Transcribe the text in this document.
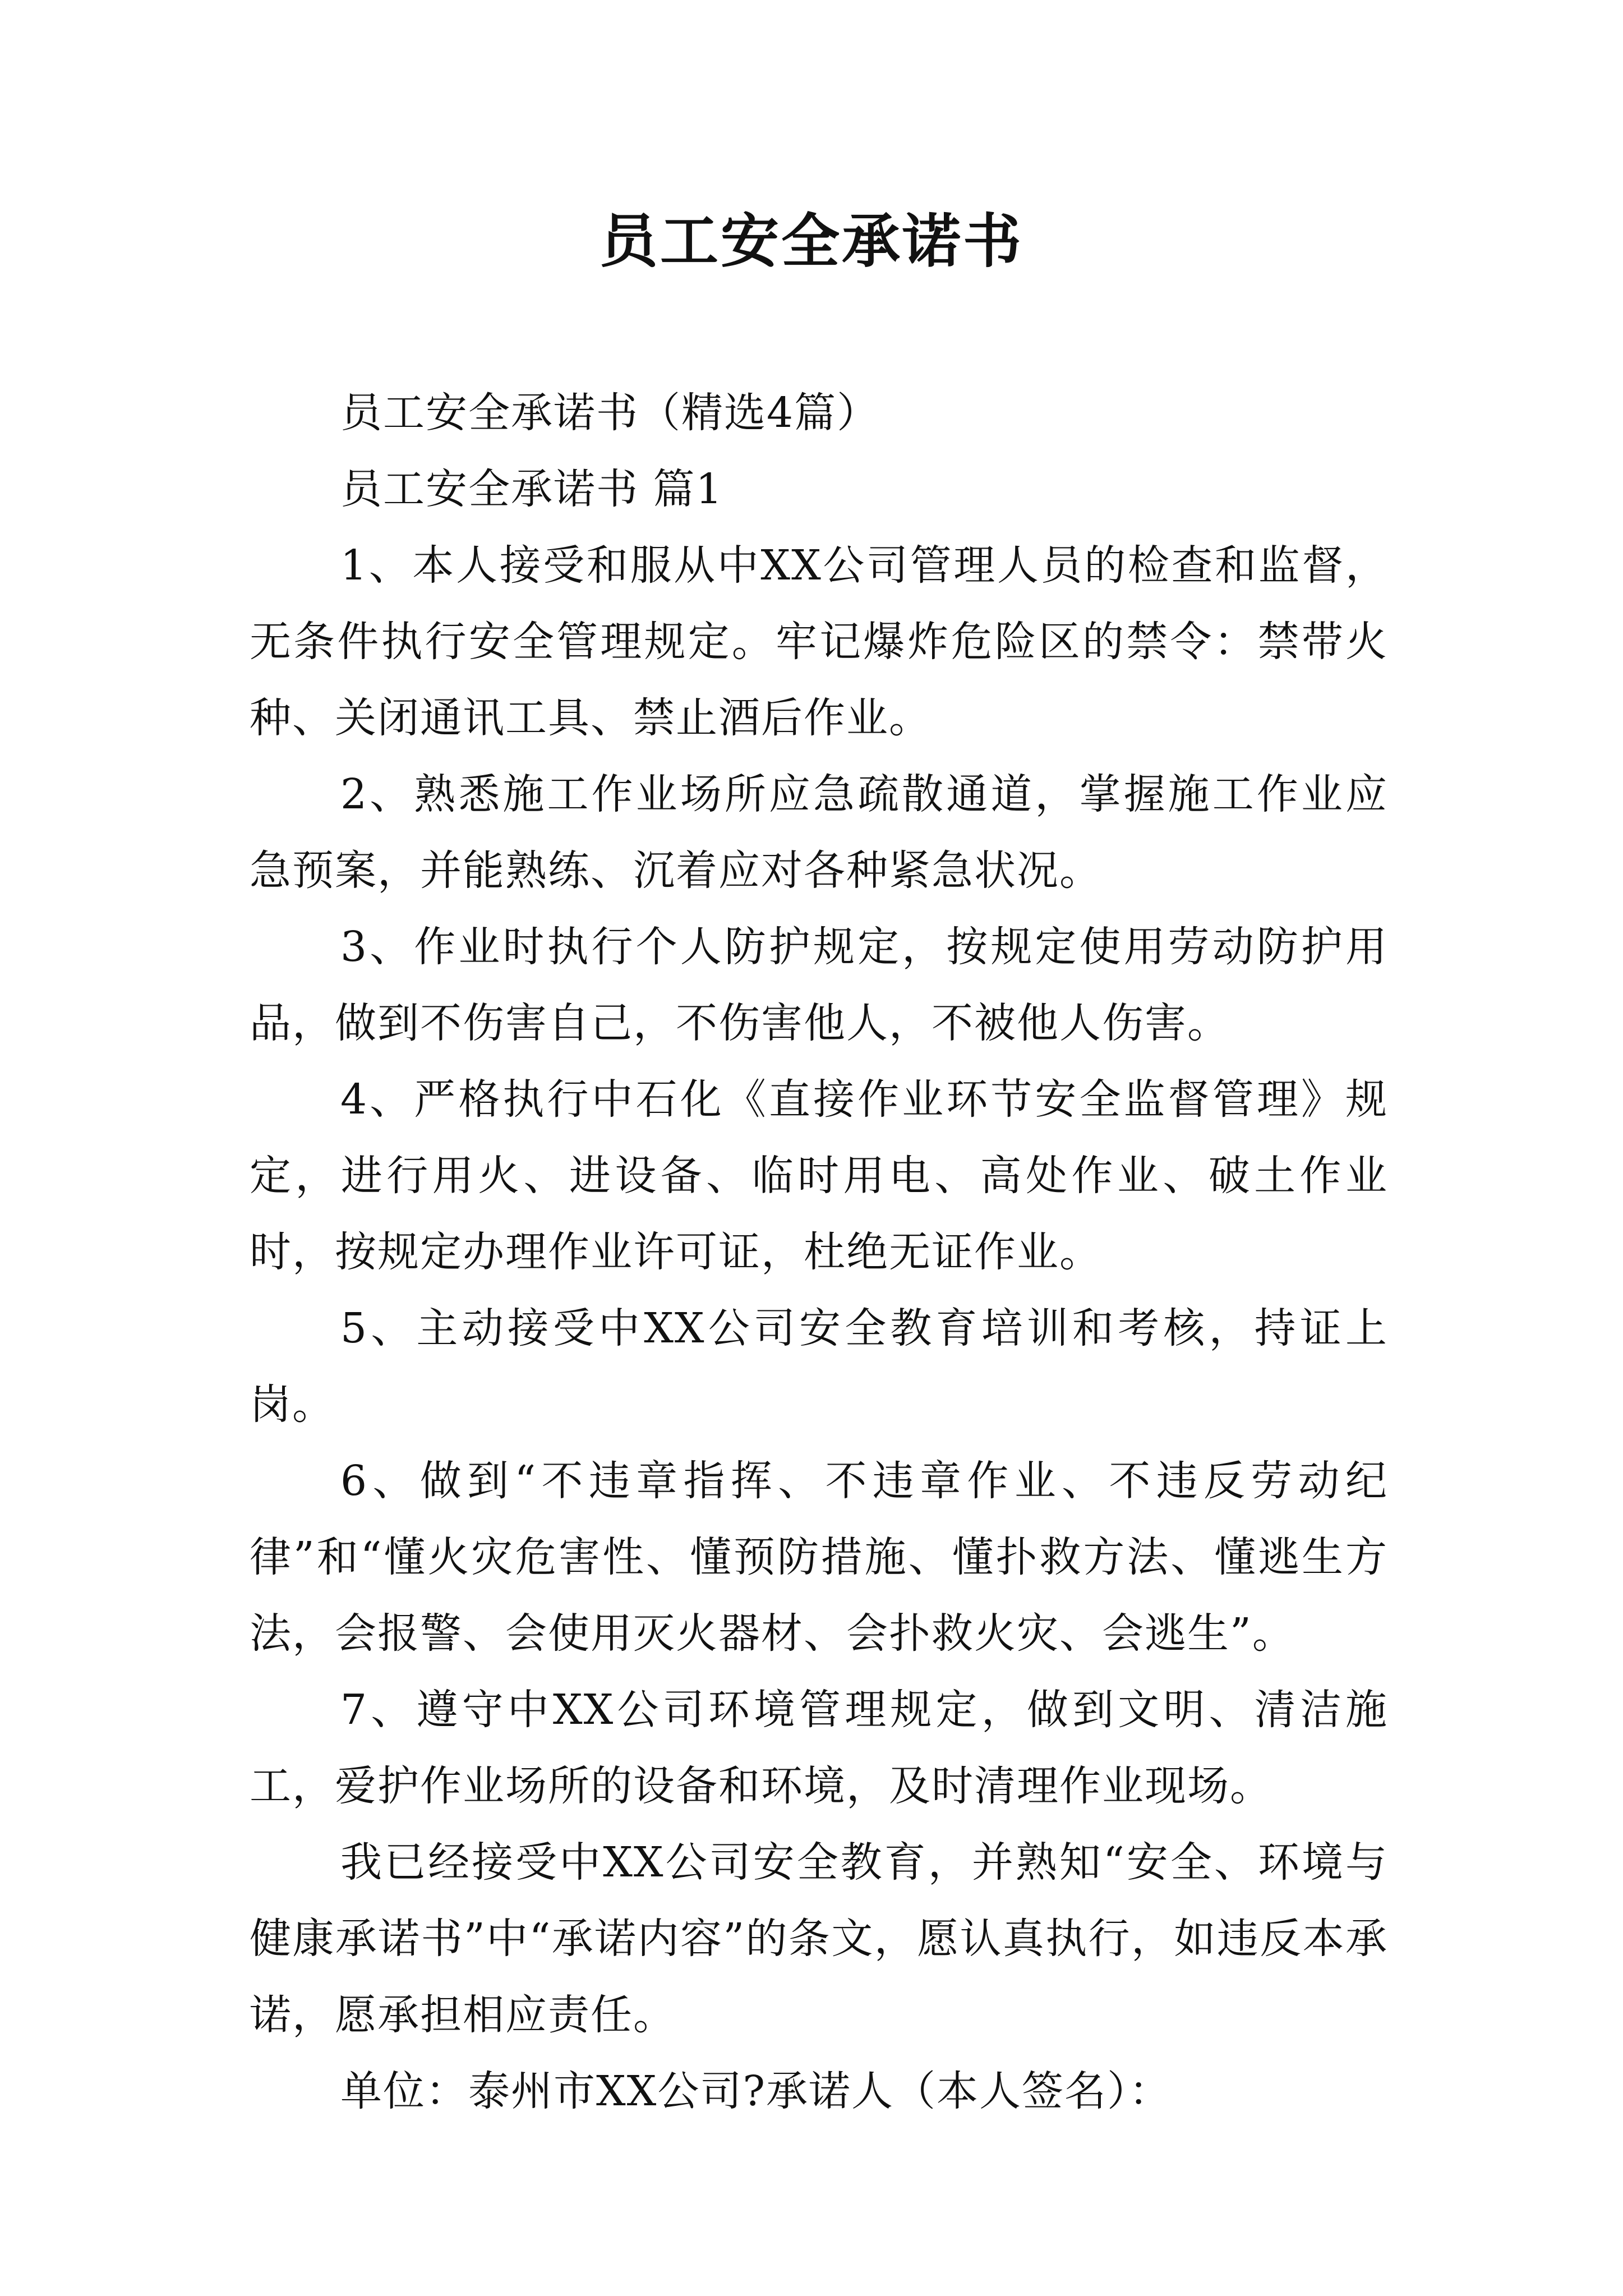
员工安全承诺书

员工安全承诺书（精选4篇）

员工安全承诺书 篇1

1、本人接受和服从中XX公司管理人员的检查和监督，无条件执行安全管理规定。牢记爆炸危险区的禁令：禁带火种、关闭通讯工具、禁止酒后作业。

2、熟悉施工作业场所应急疏散通道，掌握施工作业应急预案，并能熟练、沉着应对各种紧急状况。

3、作业时执行个人防护规定，按规定使用劳动防护用品，做到不伤害自己，不伤害他人，不被他人伤害。

4、严格执行中石化《直接作业环节安全监督管理》规定，进行用火、进设备、临时用电、高处作业、破土作业时，按规定办理作业许可证，杜绝无证作业。

5、主动接受中XX公司安全教育培训和考核，持证上岗。

6、做到“不违章指挥、不违章作业、不违反劳动纪律”和“懂火灾危害性、懂预防措施、懂扑救方法、懂逃生方法，会报警、会使用灭火器材、会扑救火灾、会逃生”。

7、遵守中XX公司环境管理规定，做到文明、清洁施工，爱护作业场所的设备和环境，及时清理作业现场。

我已经接受中XX公司安全教育，并熟知“安全、环境与健康承诺书”中“承诺内容”的条文，愿认真执行，如违反本承诺，愿承担相应责任。

单位：泰州市XX公司?承诺人（本人签名）：
